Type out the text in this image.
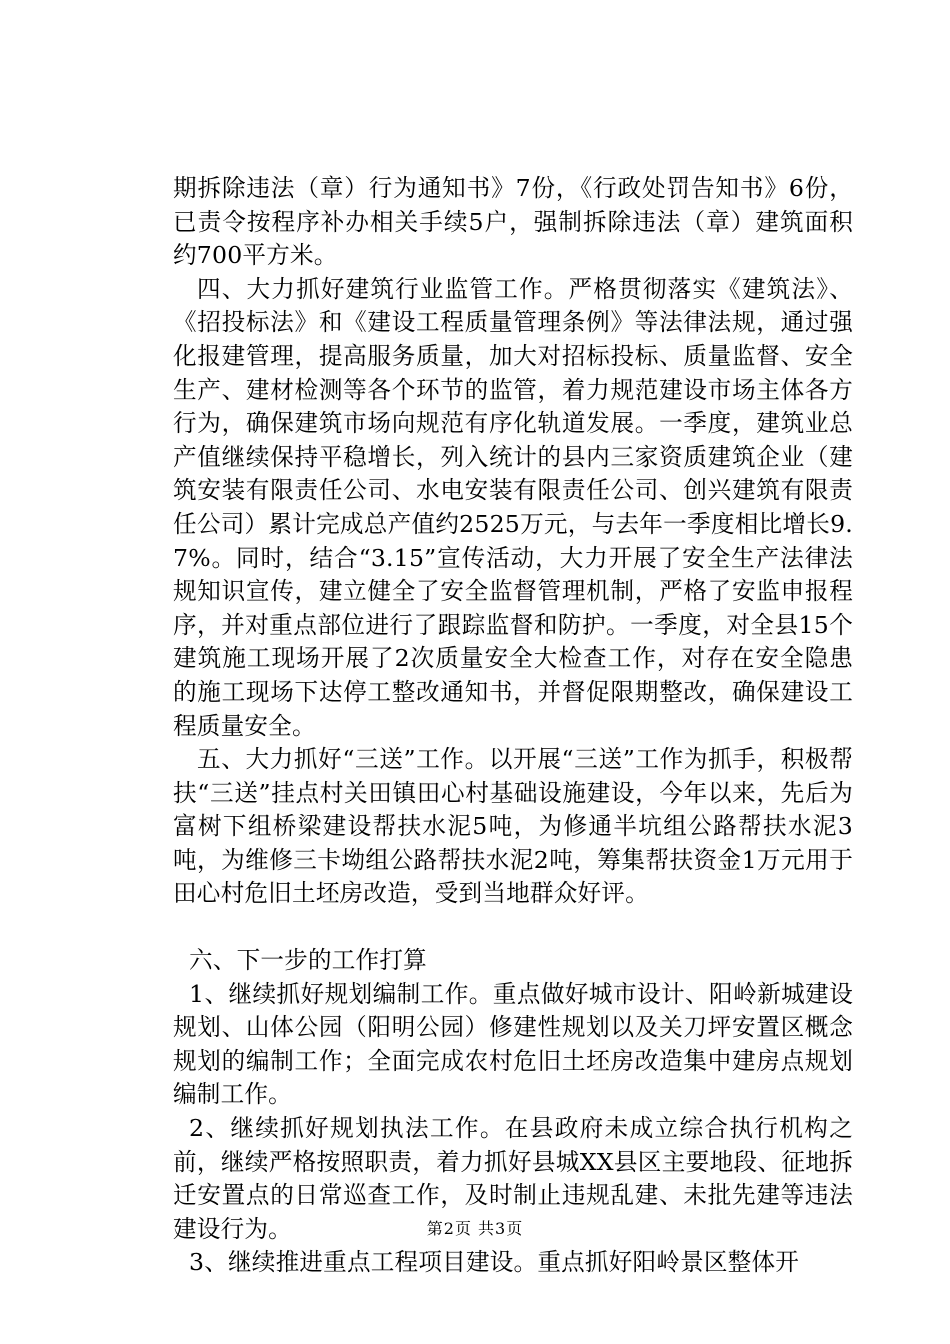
期拆除违法（章）行为通知书》7份，《行政处罚告知书》6份，已责令按程序补办相关手续5户，强制拆除违法（章）建筑面积约700平方米。

四、大力抓好建筑行业监管工作。严格贯彻落实《建筑法》、《招投标法》和《建设工程质量管理条例》等法律法规，通过强化报建管理，提高服务质量，加大对招标投标、质量监督、安全生产、建材检测等各个环节的监管，着力规范建设市场主体各方行为，确保建筑市场向规范有序化轨道发展。一季度，建筑业总产值继续保持平稳增长，列入统计的县内三家资质建筑企业（建筑安装有限责任公司、水电安装有限责任公司、创兴建筑有限责任公司）累计完成总产值约2525万元，与去年一季度相比增长9.7%。同时，结合“3.15”宣传活动，大力开展了安全生产法律法规知识宣传，建立健全了安全监督管理机制，严格了安监申报程序，并对重点部位进行了跟踪监督和防护。一季度，对全县15个建筑施工现场开展了2次质量安全大检查工作，对存在安全隐患的施工现场下达停工整改通知书，并督促限期整改，确保建设工程质量安全。

五、大力抓好“三送”工作。以开展“三送”工作为抓手，积极帮扶“三送”挂点村关田镇田心村基础设施建设，今年以来，先后为富树下组桥梁建设帮扶水泥5吨，为修通半坑组公路帮扶水泥3吨，为维修三卡坳组公路帮扶水泥2吨，筹集帮扶资金1万元用于田心村危旧土坯房改造，受到当地群众好评。

六、下一步的工作打算

1、继续抓好规划编制工作。重点做好城市设计、阳岭新城建设规划、山体公园（阳明公园）修建性规划以及关刀坪安置区概念规划的编制工作；全面完成农村危旧土坯房改造集中建房点规划编制工作。

2、继续抓好规划执法工作。在县政府未成立综合执行机构之前，继续严格按照职责，着力抓好县城XX县区主要地段、征地拆迁安置点的日常巡查工作，及时制止违规乱建、未批先建等违法建设行为。

3、继续推进重点工程项目建设。重点抓好阳岭景区整体开

第2页 共3页
